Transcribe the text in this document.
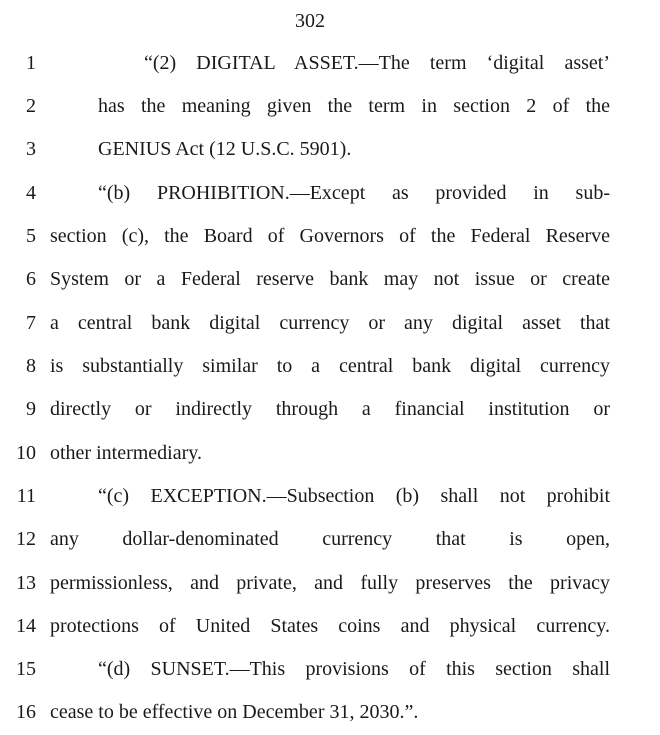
302
1	“(2) DIGITAL ASSET.—The term ‘digital asset’
2	has the meaning given the term in section 2 of the
3	GENIUS Act (12 U.S.C. 5901).
4	“(b) PROHIBITION.—Except as provided in sub-
5 section (c), the Board of Governors of the Federal Reserve
6 System or a Federal reserve bank may not issue or create
7 a central bank digital currency or any digital asset that
8 is substantially similar to a central bank digital currency
9 directly or indirectly through a financial institution or
10 other intermediary.
11	“(c) EXCEPTION.—Subsection (b) shall not prohibit
12 any dollar-denominated currency that is open,
13 permissionless, and private, and fully preserves the privacy
14 protections of United States coins and physical currency.
15	“(d) SUNSET.—This provisions of this section shall
16 cease to be effective on December 31, 2030.”.
